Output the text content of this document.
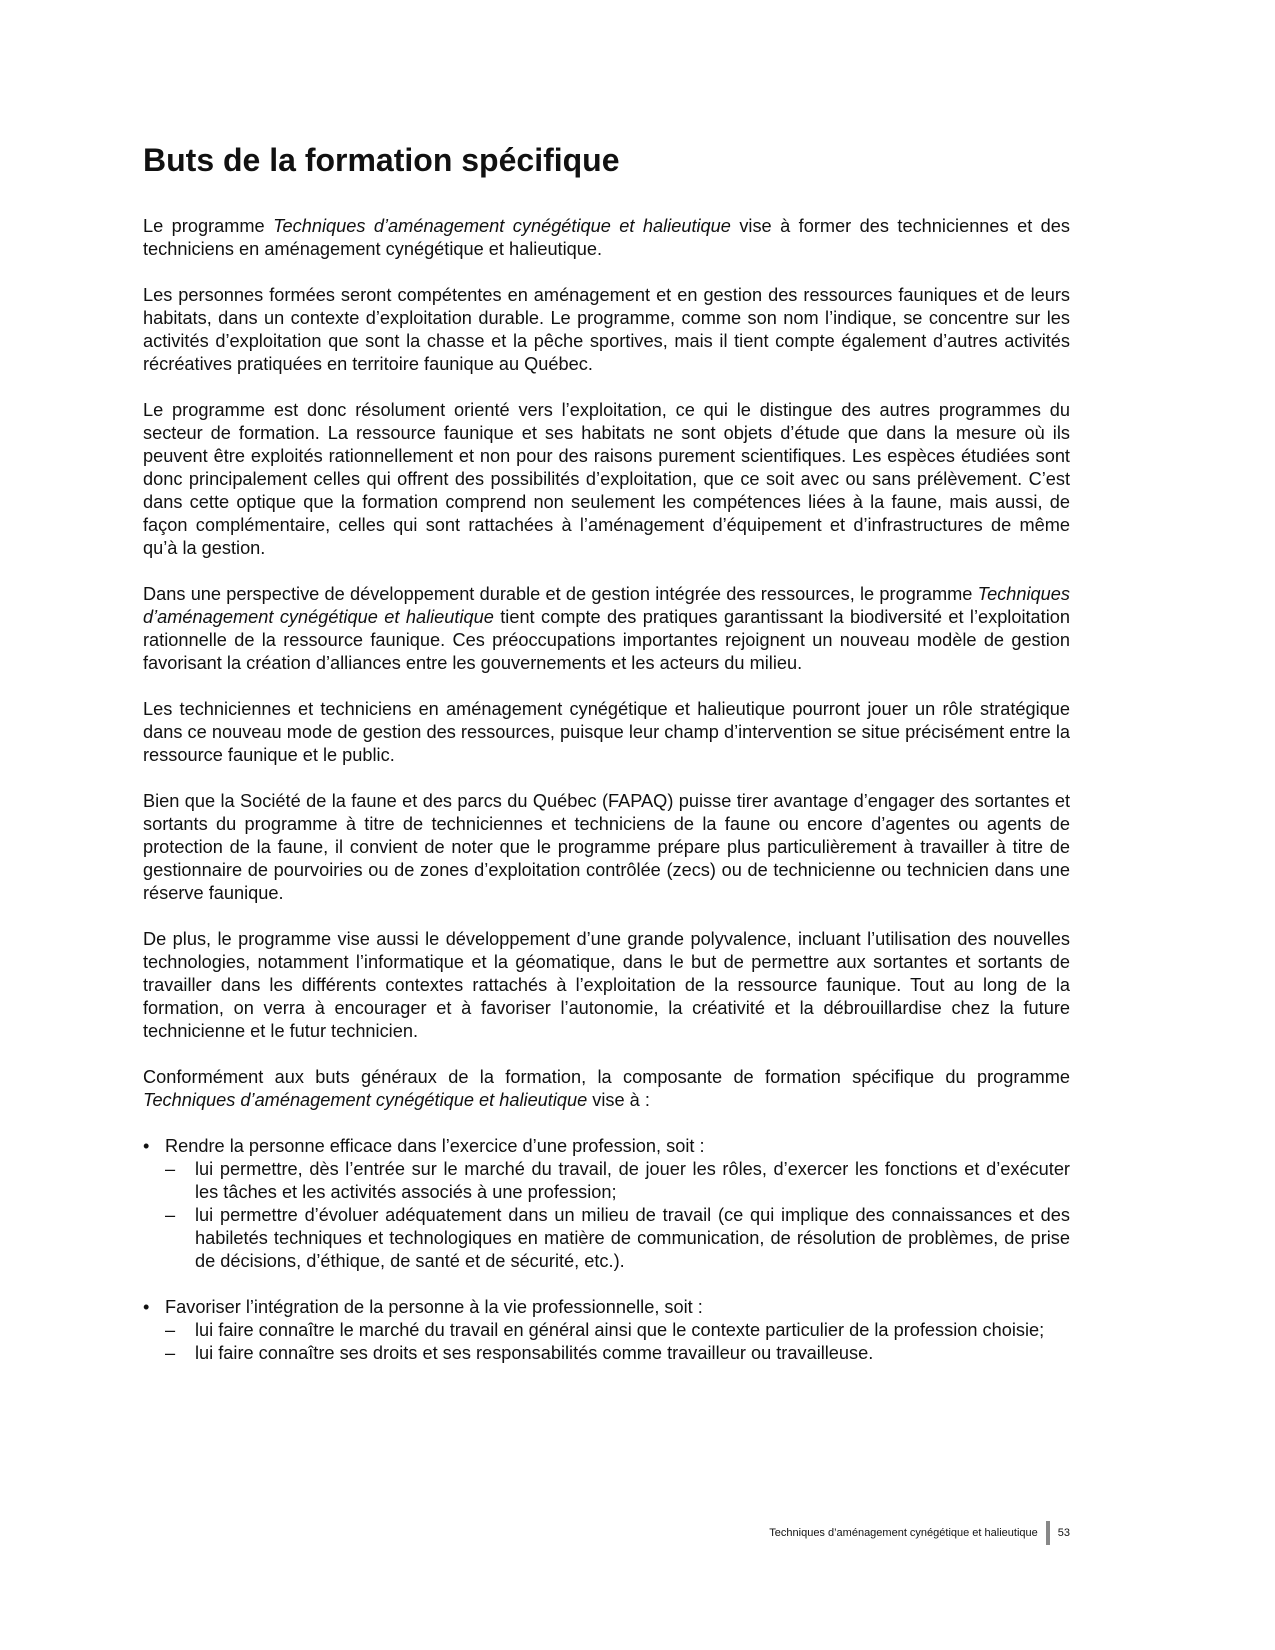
Buts de la formation spécifique

Le programme Techniques d’aménagement cynégétique et halieutique vise à former des techniciennes et des techniciens en aménagement cynégétique et halieutique.

Les personnes formées seront compétentes en aménagement et en gestion des ressources fauniques et de leurs habitats, dans un contexte d’exploitation durable. Le programme, comme son nom l’indique, se concentre sur les activités d’exploitation que sont la chasse et la pêche sportives, mais il tient compte également d’autres activités récréatives pratiquées en territoire faunique au Québec.

Le programme est donc résolument orienté vers l’exploitation, ce qui le distingue des autres programmes du secteur de formation. La ressource faunique et ses habitats ne sont objets d’étude que dans la mesure où ils peuvent être exploités rationnellement et non pour des raisons purement scientifiques. Les espèces étudiées sont donc principalement celles qui offrent des possibilités d’exploitation, que ce soit avec ou sans prélèvement. C’est dans cette optique que la formation comprend non seulement les compétences liées à la faune, mais aussi, de façon complémentaire, celles qui sont rattachées à l’aménagement d’équipement et d’infrastructures de même qu’à la gestion.

Dans une perspective de développement durable et de gestion intégrée des ressources, le programme Techniques d’aménagement cynégétique et halieutique tient compte des pratiques garantissant la biodiversité et l’exploitation rationnelle de la ressource faunique. Ces préoccupations importantes rejoignent un nouveau modèle de gestion favorisant la création d’alliances entre les gouvernements et les acteurs du milieu.

Les techniciennes et techniciens en aménagement cynégétique et halieutique pourront jouer un rôle stratégique dans ce nouveau mode de gestion des ressources, puisque leur champ d’intervention se situe précisément entre la ressource faunique et le public.

Bien que la Société de la faune et des parcs du Québec (FAPAQ) puisse tirer avantage d’engager des sortantes et sortants du programme à titre de techniciennes et techniciens de la faune ou encore d’agentes ou agents de protection de la faune, il convient de noter que le programme prépare plus particulièrement à travailler à titre de gestionnaire de pourvoiries ou de zones d’exploitation contrôlée (zecs) ou de technicienne ou technicien dans une réserve faunique.

De plus, le programme vise aussi le développement d’une grande polyvalence, incluant l’utilisation des nouvelles technologies, notamment l’informatique et la géomatique, dans le but de permettre aux sortantes et sortants de travailler dans les différents contextes rattachés à l’exploitation de la ressource faunique. Tout au long de la formation, on verra à encourager et à favoriser l’autonomie, la créativité et la débrouillardise chez la future technicienne et le futur technicien.

Conformément aux buts généraux de la formation, la composante de formation spécifique du programme Techniques d’aménagement cynégétique et halieutique vise à :

• Rendre la personne efficace dans l’exercice d’une profession, soit :
– lui permettre, dès l’entrée sur le marché du travail, de jouer les rôles, d’exercer les fonctions et d’exécuter les tâches et les activités associés à une profession;
– lui permettre d’évoluer adéquatement dans un milieu de travail (ce qui implique des connaissances et des habiletés techniques et technologiques en matière de communication, de résolution de problèmes, de prise de décisions, d’éthique, de santé et de sécurité, etc.).
• Favoriser l’intégration de la personne à la vie professionnelle, soit :
– lui faire connaître le marché du travail en général ainsi que le contexte particulier de la profession choisie;
– lui faire connaître ses droits et ses responsabilités comme travailleur ou travailleuse.
Techniques d’aménagement cynégétique et halieutique 53
